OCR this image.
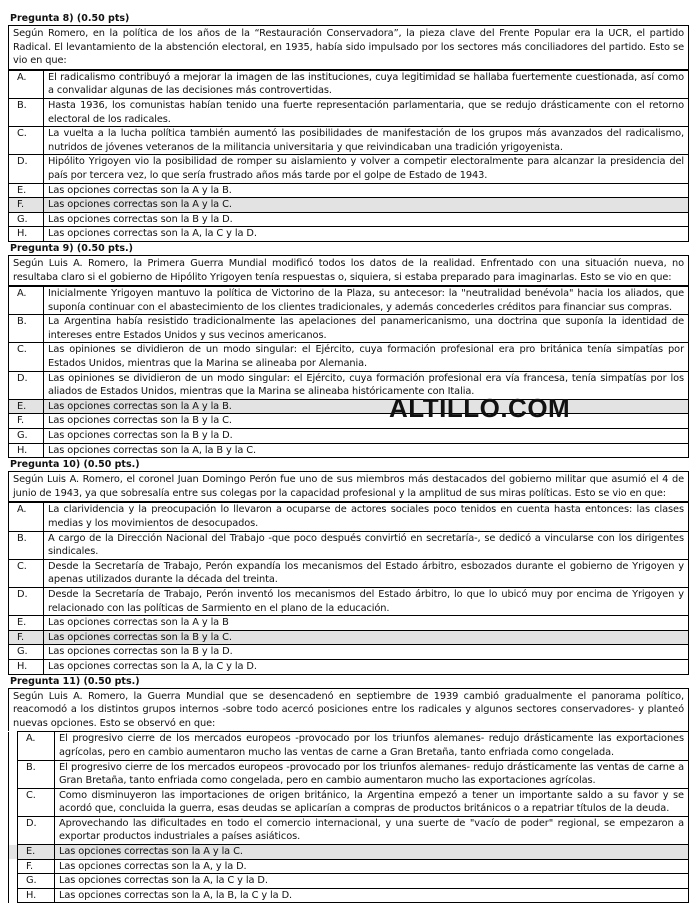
Pregunta 8) (0.50 pts)
Según Romero, en la política de los años de la “Restauración Conservadora”, la pieza clave del Frente Popular era la UCR, el partido Radical. El levantamiento de la abstención electoral, en 1935, había sido impulsado por los sectores más conciliadores del partido. Esto se vio en que:
A.	El radicalismo contribuyó a mejorar la imagen de las instituciones, cuya legitimidad se hallaba fuertemente cuestionada, así como a convalidar algunas de las decisiones más controvertidas.
B.	Hasta 1936, los comunistas habían tenido una fuerte representación parlamentaria, que se redujo drásticamente con el retorno electoral de los radicales.
C.	La vuelta a la lucha política también aumentó las posibilidades de manifestación de los grupos más avanzados del radicalismo, nutridos de jóvenes veteranos de la militancia universitaria y que reivindicaban una tradición yrigoyenista.
D.	Hipólito Yrigoyen vio la posibilidad de romper su aislamiento y volver a competir electoralmente para alcanzar la presidencia del país por tercera vez, lo que sería frustrado años más tarde por el golpe de Estado de 1943.
E.	Las opciones correctas son la A y la B.
F.	Las opciones correctas son la A y la C.
G.	Las opciones correctas son la B y la D.
H.	Las opciones correctas son la A, la C y la D.
Pregunta 9) (0.50 pts.)
Según Luis A. Romero, la Primera Guerra Mundial modificó todos los datos de la realidad. Enfrentado con una situación nueva, no resultaba claro si el gobierno de Hipólito Yrigoyen tenía respuestas o, siquiera, si estaba preparado para imaginarlas. Esto se vio en que:
A.	Inicialmente Yrigoyen mantuvo la política de Victorino de la Plaza, su antecesor: la "neutralidad benévola" hacia los aliados, que suponía continuar con el abastecimiento de los clientes tradicionales, y además concederles créditos para financiar sus compras.
B.	La Argentina había resistido tradicionalmente las apelaciones del panamericanismo, una doctrina que suponía la identidad de intereses entre Estados Unidos y sus vecinos americanos.
C.	Las opiniones se dividieron de un modo singular: el Ejército, cuya formación profesional era pro británica tenía simpatías por Estados Unidos, mientras que la Marina se alineaba por Alemania.
D.	Las opiniones se dividieron de un modo singular: el Ejército, cuya formación profesional era vía francesa, tenía simpatías por los aliados de Estados Unidos, mientras que la Marina se alineaba históricamente con Italia.
E.	Las opciones correctas son la A y la B.
F.	Las opciones correctas son la B y la C.
G.	Las opciones correctas son la B y la D.
H.	Las opciones correctas son la A, la B y la C.
Pregunta 10) (0.50 pts.)
Según Luis A. Romero, el coronel Juan Domingo Perón fue uno de sus miembros más destacados del gobierno militar que asumió el 4 de junio de 1943, ya que sobresalía entre sus colegas por la capacidad profesional y la amplitud de sus miras políticas. Esto se vio en que:
A.	La clarividencia y la preocupación lo llevaron a ocuparse de actores sociales poco tenidos en cuenta hasta entonces: las clases medias y los movimientos de desocupados.
B.	A cargo de la Dirección Nacional del Trabajo -que poco después convirtió en secretaría-, se dedicó a vincularse con los dirigentes sindicales.
C.	Desde la Secretaría de Trabajo, Perón expandía los mecanismos del Estado árbitro, esbozados durante el gobierno de Yrigoyen y apenas utilizados durante la década del treinta.
D.	Desde la Secretaría de Trabajo, Perón inventó los mecanismos del Estado árbitro, lo que lo ubicó muy por encima de Yrigoyen y relacionado con las políticas de Sarmiento en el plano de la educación.
E.	Las opciones correctas son la A y la B
F.	Las opciones correctas son la B y la C.
G.	Las opciones correctas son la B y la D.
H.	Las opciones correctas son la A, la C y la D.
Pregunta 11) (0.50 pts.)
Según Luis A. Romero, la Guerra Mundial que se desencadenó en septiembre de 1939 cambió gradualmente el panorama político, reacomodó a los distintos grupos internos -sobre todo acercó posiciones entre los radicales y algunos sectores conservadores- y planteó nuevas opciones. Esto se observó en que:
	A.	El progresivo cierre de los mercados europeos -provocado por los triunfos alemanes- redujo drásticamente las exportaciones agrícolas, pero en cambio aumentaron mucho las ventas de carne a Gran Bretaña, tanto enfriada como congelada.
	B.	El progresivo cierre de los mercados europeos -provocado por los triunfos alemanes- redujo drásticamente las ventas de carne a Gran Bretaña, tanto enfriada como congelada, pero en cambio aumentaron mucho las exportaciones agrícolas.
	C.	Como disminuyeron las importaciones de origen británico, la Argentina empezó a tener un importante saldo a su favor y se acordó que, concluida la guerra, esas deudas se aplicarían a compras de productos británicos o a repatriar títulos de la deuda.
	D.	Aprovechando las dificultades en todo el comercio internacional, y una suerte de "vacío de poder" regional, se empezaron a exportar productos industriales a países asiáticos.
	E.	Las opciones correctas son la A y la C.
	F.	Las opciones correctas son la A, y la D.
	G.	Las opciones correctas son la A, la C y la D.
	H.	Las opciones correctas son la A, la B, la C y la D.
ALTILLO.COM
